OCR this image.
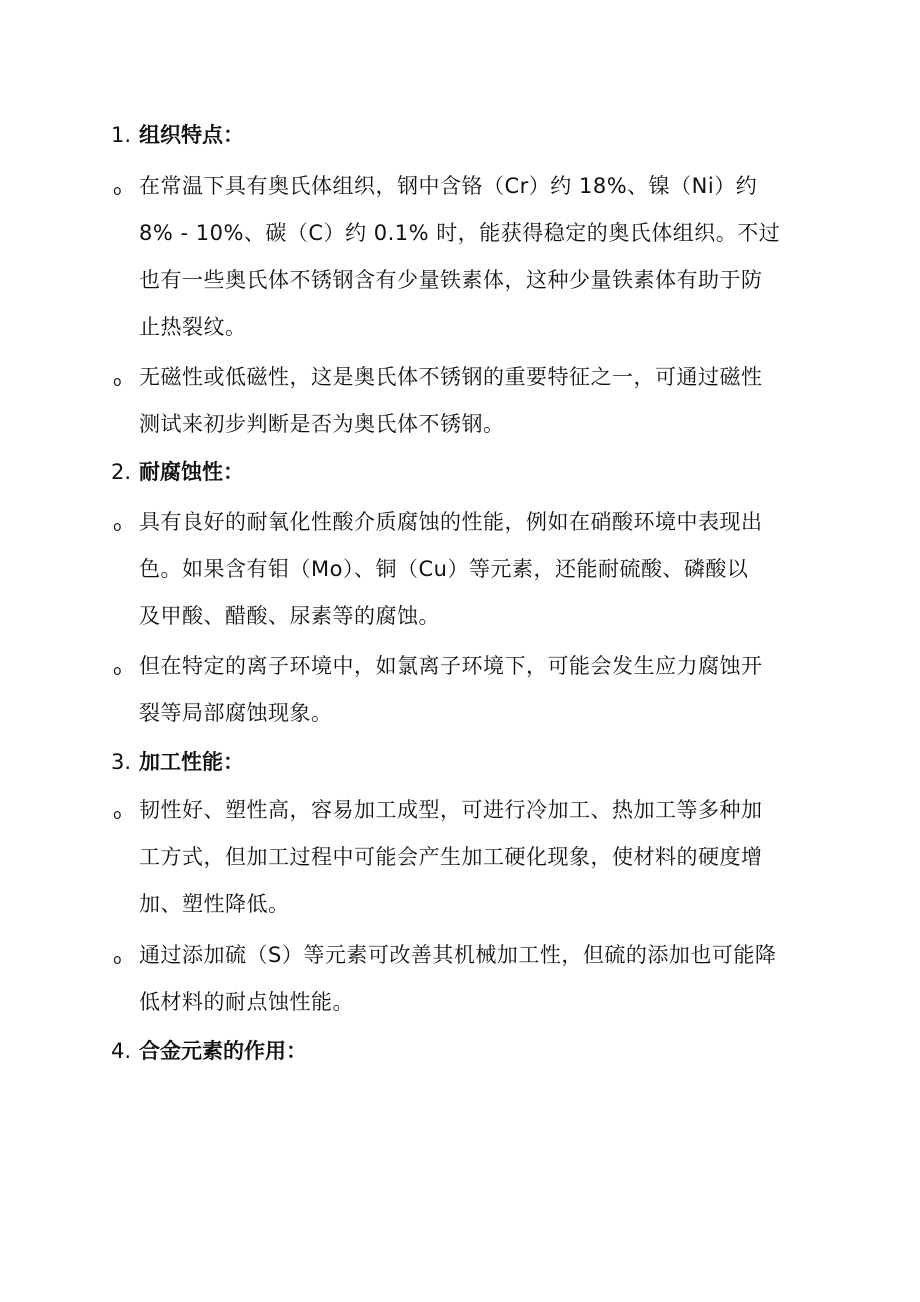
1. 组织特点：
o 在常温下具有奥氏体组织，钢中含铬（Cr）约 18%、镍（Ni）约
8% - 10%、碳（C）约 0.1% 时，能获得稳定的奥氏体组织。不过
也有一些奥氏体不锈钢含有少量铁素体，这种少量铁素体有助于防
止热裂纹。
o 无磁性或低磁性，这是奥氏体不锈钢的重要特征之一，可通过磁性
测试来初步判断是否为奥氏体不锈钢。
2. 耐腐蚀性：
o 具有良好的耐氧化性酸介质腐蚀的性能，例如在硝酸环境中表现出
色。如果含有钼（Mo）、铜（Cu）等元素，还能耐硫酸、磷酸以
及甲酸、醋酸、尿素等的腐蚀。
o 但在特定的离子环境中，如氯离子环境下，可能会发生应力腐蚀开
裂等局部腐蚀现象。
3. 加工性能：
o 韧性好、塑性高，容易加工成型，可进行冷加工、热加工等多种加
工方式，但加工过程中可能会产生加工硬化现象，使材料的硬度增
加、塑性降低。
o 通过添加硫（S）等元素可改善其机械加工性，但硫的添加也可能降
低材料的耐点蚀性能。
4. 合金元素的作用：
